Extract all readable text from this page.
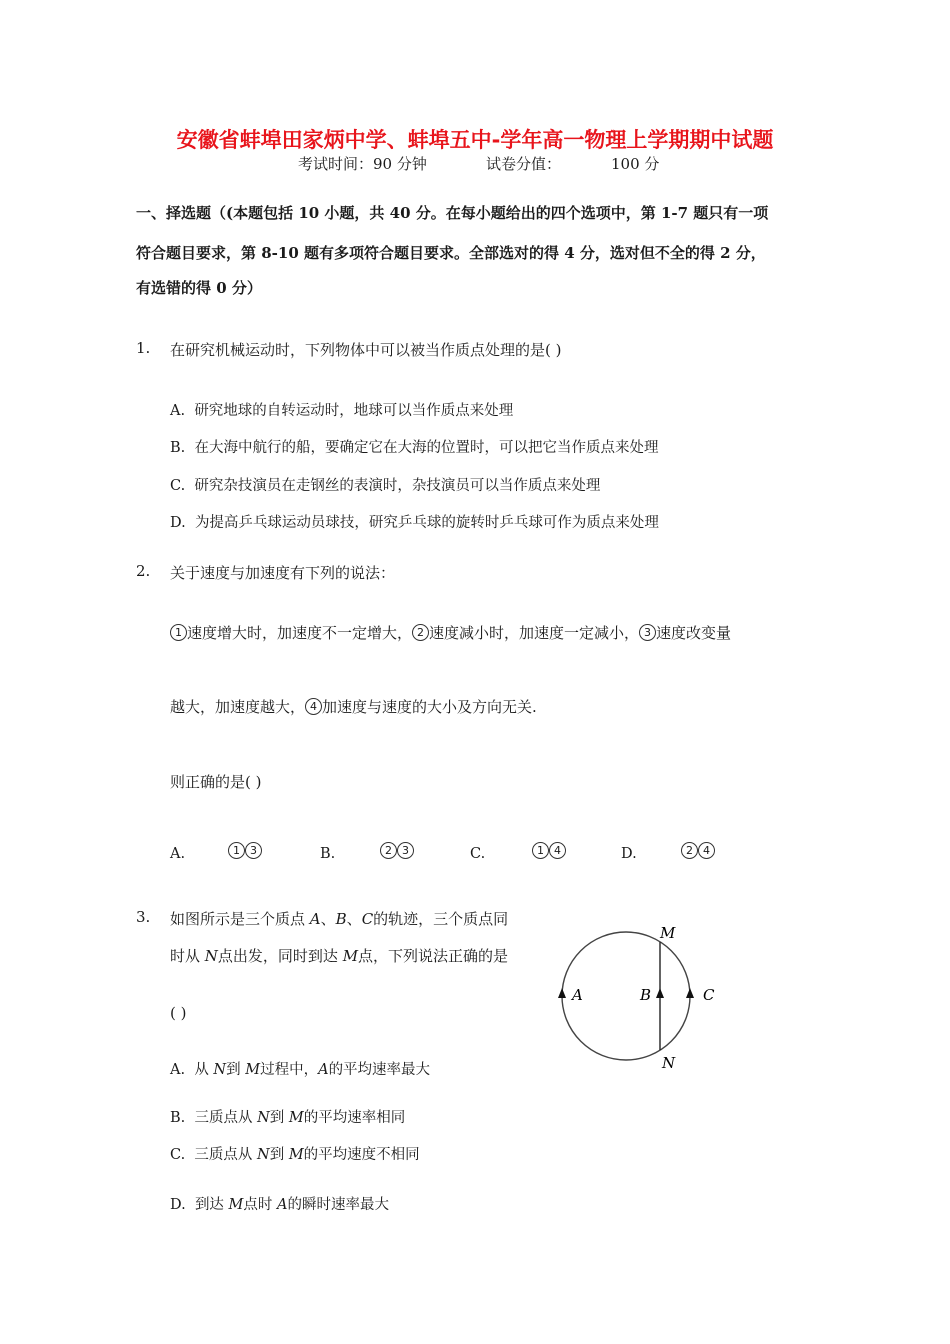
安徽省蚌埠田家炳中学、蚌埠五中-学年高一物理上学期期中试题
考试时间：90 分钟	试卷分值：	100 分
一、择选题（(本题包括 10 小题，共 40 分。在每小题给出的四个选项中，第 1-7 题只有一项
符合题目要求，第 8-10 题有多项符合题目要求。全部选对的得 4 分，选对但不全的得 2 分，
有选错的得 0 分）
1. 在研究机械运动时，下列物体中可以被当作质点处理的是( )
A. 研究地球的自转运动时，地球可以当作质点来处理
B. 在大海中航行的船，要确定它在大海的位置时，可以把它当作质点来处理
C. 研究杂技演员在走钢丝的表演时，杂技演员可以当作质点来处理
D. 为提高乒乓球运动员球技，研究乒乓球的旋转时乒乓球可作为质点来处理
2. 关于速度与加速度有下列的说法：
1 速度增大时，加速度不一定增大， 2 速度减小时，加速度一定减小， 3 速度改变量
越大，加速度越大， 4 加速度与速度的大小及方向无关.
则正确的是( )
A.	1 3	B.	2 3	C.	1 4	D.	2 4
3. 如图所示是三个质点 A、B、C的轨迹，三个质点同
时从 N点出发，同时到达 M点，下列说法正确的是
( )
A. 从 N到 M过程中，A的平均速率最大
B. 三质点从 N到 M的平均速率相同
C. 三质点从 N到 M的平均速度不相同
D. 到达 M点时 A的瞬时速率最大
M
N
A	B	C
